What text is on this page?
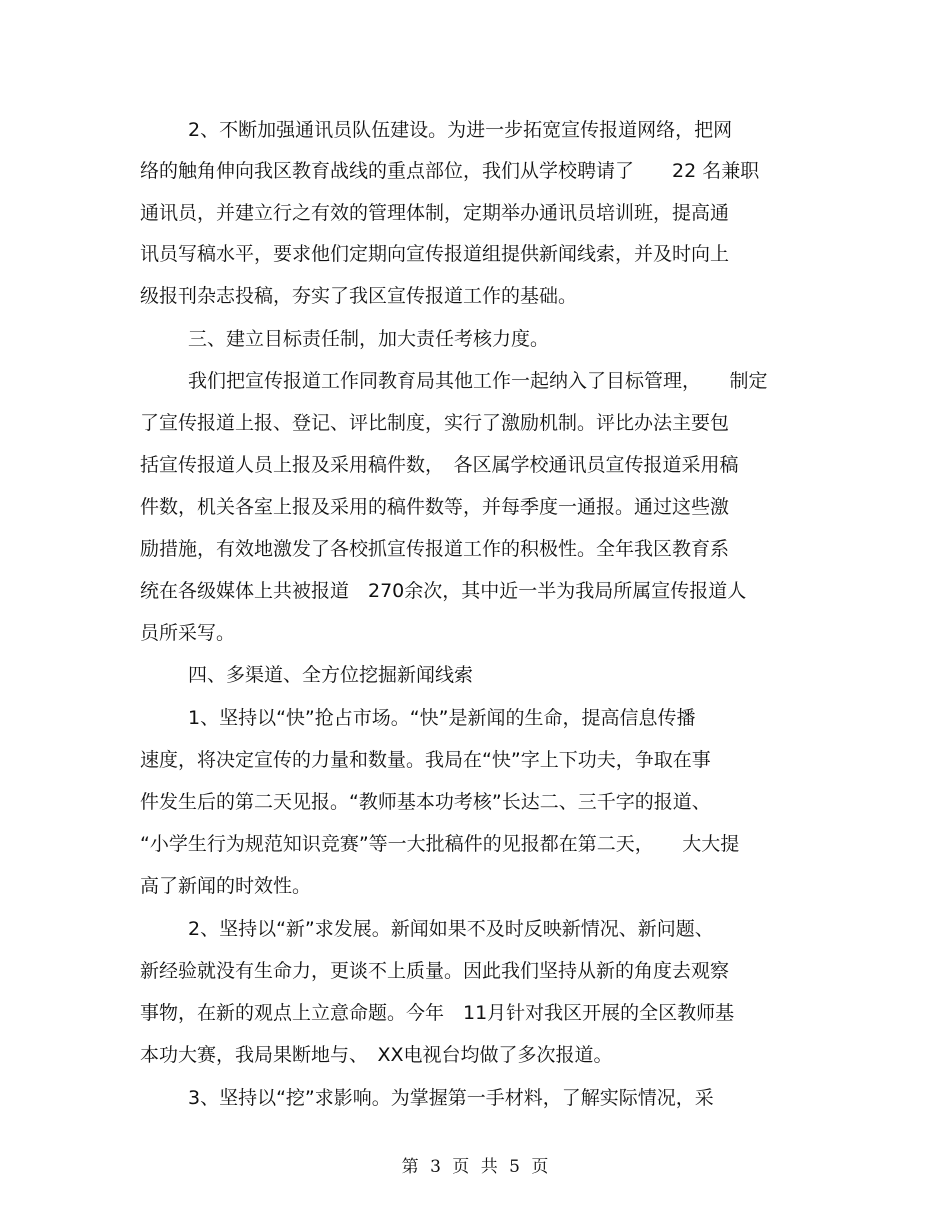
2、不断加强通讯员队伍建设。为进一步拓宽宣传报道网络，把网
络的触角伸向我区教育战线的重点部位，我们从学校聘请了　　22 名兼职
通讯员，并建立行之有效的管理体制，定期举办通讯员培训班，提高通
讯员写稿水平，要求他们定期向宣传报道组提供新闻线索，并及时向上
级报刊杂志投稿，夯实了我区宣传报道工作的基础。
三、建立目标责任制，加大责任考核力度。
我们把宣传报道工作同教育局其他工作一起纳入了目标管理，　　制定
了宣传报道上报、登记、评比制度，实行了激励机制。评比办法主要包
括宣传报道人员上报及采用稿件数，　各区属学校通讯员宣传报道采用稿
件数，机关各室上报及采用的稿件数等，并每季度一通报。通过这些激
励措施，有效地激发了各校抓宣传报道工作的积极性。全年我区教育系
统在各级媒体上共被报道　270余次，其中近一半为我局所属宣传报道人
员所采写。
四、多渠道、全方位挖掘新闻线索
1、坚持以“快”抢占市场。“快”是新闻的生命，提高信息传播
速度，将决定宣传的力量和数量。我局在“快”字上下功夫，争取在事
件发生后的第二天见报。“教师基本功考核”长达二、三千字的报道、
“小学生行为规范知识竞赛”等一大批稿件的见报都在第二天，　　大大提
高了新闻的时效性。
2、坚持以“新”求发展。新闻如果不及时反映新情况、新问题、
新经验就没有生命力，更谈不上质量。因此我们坚持从新的角度去观察
事物，在新的观点上立意命题。今年　11月针对我区开展的全区教师基
本功大赛，我局果断地与、　XX电视台均做了多次报道。
3、坚持以“挖”求影响。为掌握第一手材料，了解实际情况，采
第 3 页 共 5 页
